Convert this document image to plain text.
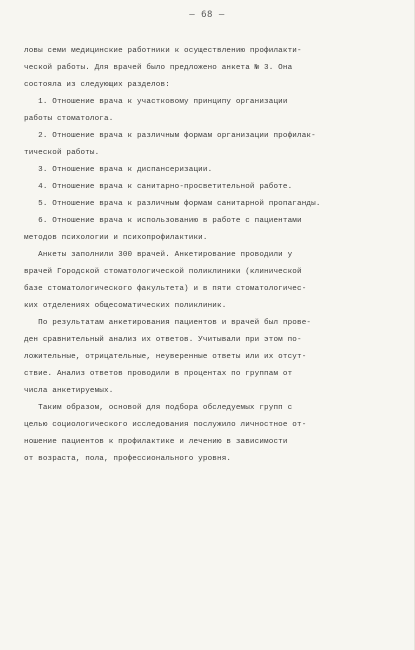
– 68 –
ловы семи медицинские работники к осуществлению профилакти-
ческой работы. Для врачей было предложено анкета № 3. Она
состояла из следующих разделов:
1. Отношение врача к участковому принципу организации
работы стоматолога.
2. Отношение врача к различным формам организации профилак-
тической работы.
3. Отношение врача к диспансеризации.
4. Отношение врача к санитарно-просветительной работе.
5. Отношение врача к различным формам санитарной пропаганды.
6. Отношение врача к использованию в работе с пациентами
методов психологии и психопрофилактики.
Анкеты заполнили 300 врачей. Анкетирование проводили у
врачей Городской стоматологической поликлиники (клинической
базе стоматологического факультета) и в пяти стоматологичес-
ких отделениях общесоматических поликлиник.
По результатам анкетирования пациентов и врачей был прове-
ден сравнительный анализ их ответов. Учитывали при этом по-
ложительные, отрицательные, неуверенные ответы или их отсут-
ствие. Анализ ответов проводили в процентах по группам от
числа анкетируемых.
Таким образом, основой для подбора обследуемых групп с
целью социологического исследования послужило личностное от-
ношение пациентов к профилактике и лечению в зависимости
от возраста, пола, профессионального уровня.
